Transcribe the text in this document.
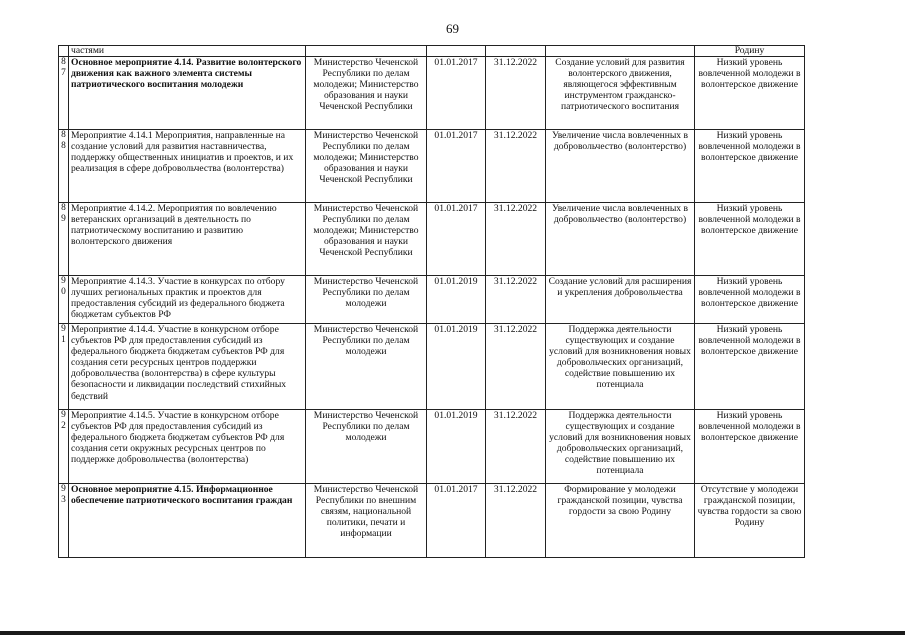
69
	частями					Родину
87	Основное мероприятие 4.14. Развитие волонтерского движения как важного элемента системы патриотического воспитания молодежи	Министерство Чеченской Республики по делам молодежи; Министерство образования и науки Чеченской Республики	01.01.2017	31.12.2022	Создание условий для развития волонтерского движения, являющегося эффективным инструментом гражданско-патриотического воспитания	Низкий уровень вовлеченной молодежи в волонтерское движение
88	Мероприятие 4.14.1 Мероприятия, направленные на создание условий для развития наставничества, поддержку общественных инициатив и проектов, и их реализация в сфере добровольчества (волонтерства)	Министерство Чеченской Республики по делам молодежи; Министерство образования и науки Чеченской Республики	01.01.2017	31.12.2022	Увеличение числа вовлеченных в добровольчество (волонтерство)	Низкий уровень вовлеченной молодежи в волонтерское движение
89	Мероприятие 4.14.2. Мероприятия по вовлечению ветеранских организаций в деятельность по патриотическому воспитанию и развитию волонтерского движения	Министерство Чеченской Республики по делам молодежи; Министерство образования и науки Чеченской Республики	01.01.2017	31.12.2022	Увеличение числа вовлеченных в добровольчество (волонтерство)	Низкий уровень вовлеченной молодежи в волонтерское движение
90	Мероприятие 4.14.3. Участие в конкурсах по отбору лучших региональных практик и проектов для предоставления субсидий из федерального бюджета бюджетам субъектов РФ	Министерство Чеченской Республики по делам молодежи	01.01.2019	31.12.2022	Создание условий для расширения и укрепления добровольчества	Низкий уровень вовлеченной молодежи в волонтерское движение
91	Мероприятие 4.14.4. Участие в конкурсном отборе субъектов РФ для предоставления субсидий из федерального бюджета бюджетам субъектов РФ для создания сети ресурсных центров поддержки добровольчества (волонтерства) в сфере культуры безопасности и ликвидации последствий стихийных бедствий	Министерство Чеченской Республики по делам молодежи	01.01.2019	31.12.2022	Поддержка деятельности существующих и создание условий для возникновения новых добровольческих организаций, содействие повышению их потенциала	Низкий уровень вовлеченной молодежи в волонтерское движение
92	Мероприятие 4.14.5. Участие в конкурсном отборе субъектов РФ для предоставления субсидий из федерального бюджета бюджетам субъектов РФ для создания сети окружных ресурсных центров по поддержке добровольчества (волонтерства)	Министерство Чеченской Республики по делам молодежи	01.01.2019	31.12.2022	Поддержка деятельности существующих и создание условий для возникновения новых добровольческих организаций, содействие повышению их потенциала	Низкий уровень вовлеченной молодежи в волонтерское движение
93	Основное мероприятие 4.15. Информационное обеспечение патриотического воспитания граждан	Министерство Чеченской Республики по внешним связям, национальной политики, печати и информации	01.01.2017	31.12.2022	Формирование у молодежи гражданской позиции, чувства гордости за свою Родину	Отсутствие у молодежи гражданской позиции, чувства гордости за свою Родину
